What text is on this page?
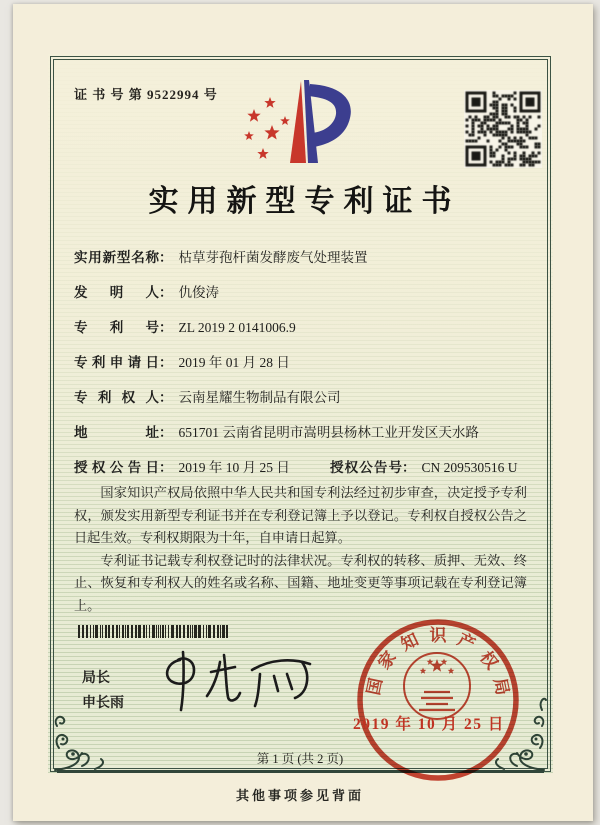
证 书 号 第 9522994 号
实用新型专利证书
实用新型名称： 枯草芽孢杆菌发酵废气处理装置
发明人： 仇俊涛
专利号： ZL 2019 2 0141006.9
专利申请日： 2019 年 01 月 28 日
专利权人： 云南星耀生物制品有限公司
地址： 651701 云南省昆明市嵩明县杨林工业开发区天水路
授权公告日： 2019 年 10 月 25 日	授权公告号： CN 209530516 U

国家知识产权局依照中华人民共和国专利法经过初步审查，决定授予专利权，颁发实用新型专利证书并在专利登记簿上予以登记。专利权自授权公告之日起生效。专利权期限为十年，自申请日起算。

专利证书记载专利权登记时的法律状况。专利权的转移、质押、无效、终止、恢复和专利权人的姓名或名称、国籍、地址变更等事项记载在专利登记簿上。

局长
申长雨
国
家
知 识 产
权
局
2019 年 10 月 25 日
第 1 页 (共 2 页)
其他事项参见背面
